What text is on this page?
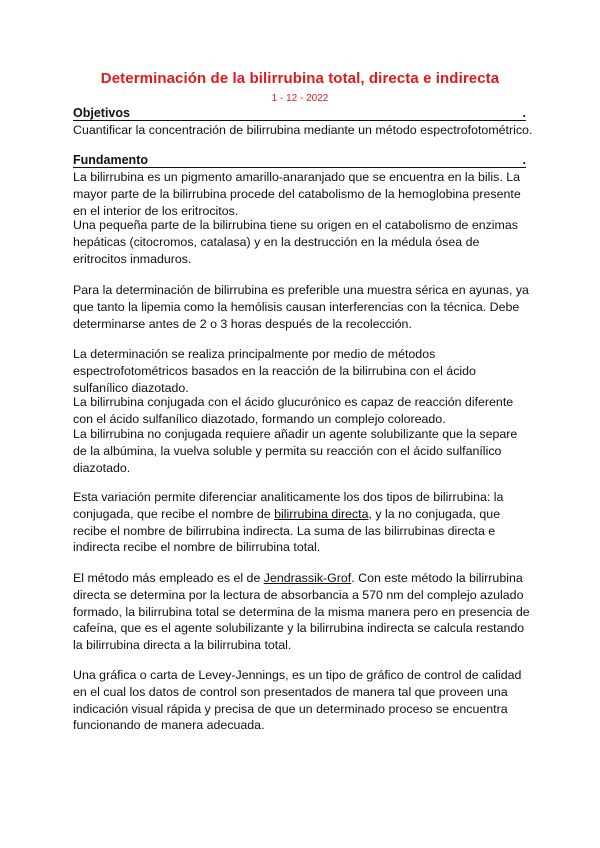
Determinación de la bilirrubina total, directa e indirecta
1 - 12 - 2022
Objetivos	.

Cuantificar la concentración de bilirrubina mediante un método espectrofotométrico.

Fundamento	.

La bilirrubina es un pigmento amarillo-anaranjado que se encuentra en la bilis. La mayor parte de la bilirrubina procede del catabolismo de la hemoglobina presente en el interior de los eritrocitos.

Una pequeña parte de la bilirrubina tiene su origen en el catabolismo de enzimas hepáticas (citocromos, catalasa) y en la destrucción en la médula ósea de eritrocitos inmaduros.

Para la determinación de bilirrubina es preferible una muestra sérica en ayunas, ya que tanto la lipemia como la hemólisis causan interferencias con la técnica. Debe determinarse antes de 2 o 3 horas después de la recolección.

La determinación se realiza principalmente por medio de métodos espectrofotométricos basados en la reacción de la bilirrubina con el ácido sulfanílico diazotado.

La bilirrubina conjugada con el ácido glucurónico es capaz de reacción diferente con el ácido sulfanílico diazotado, formando un complejo coloreado.

La bilirrubina no conjugada requiere añadir un agente solubilizante que la separe de la albúmina, la vuelva soluble y permita su reacción con el ácido sulfanílico diazotado.

Esta variación permite diferenciar analiticamente los dos tipos de bilirrubina: la conjugada, que recibe el nombre de bilirrubina directa, y la no conjugada, que recibe el nombre de bilirrubina indirecta. La suma de las bilirrubinas directa e indirecta recibe el nombre de bilirrubina total.

El método más empleado es el de Jendrassik-Grof. Con este método la bilirrubina directa se determina por la lectura de absorbancia a 570 nm del complejo azulado formado, la bilirrubina total se determina de la misma manera pero en presencia de cafeína, que es el agente solubilizante y la bilirrubina indirecta se calcula restando la bilirrubina directa a la bilirrubina total.

Una gráfica o carta de Levey-Jennings, es un tipo de gráfico de control de calidad en el cual los datos de control son presentados de manera tal que proveen una indicación visual rápida y precisa de que un determinado proceso se encuentra funcionando de manera adecuada.
